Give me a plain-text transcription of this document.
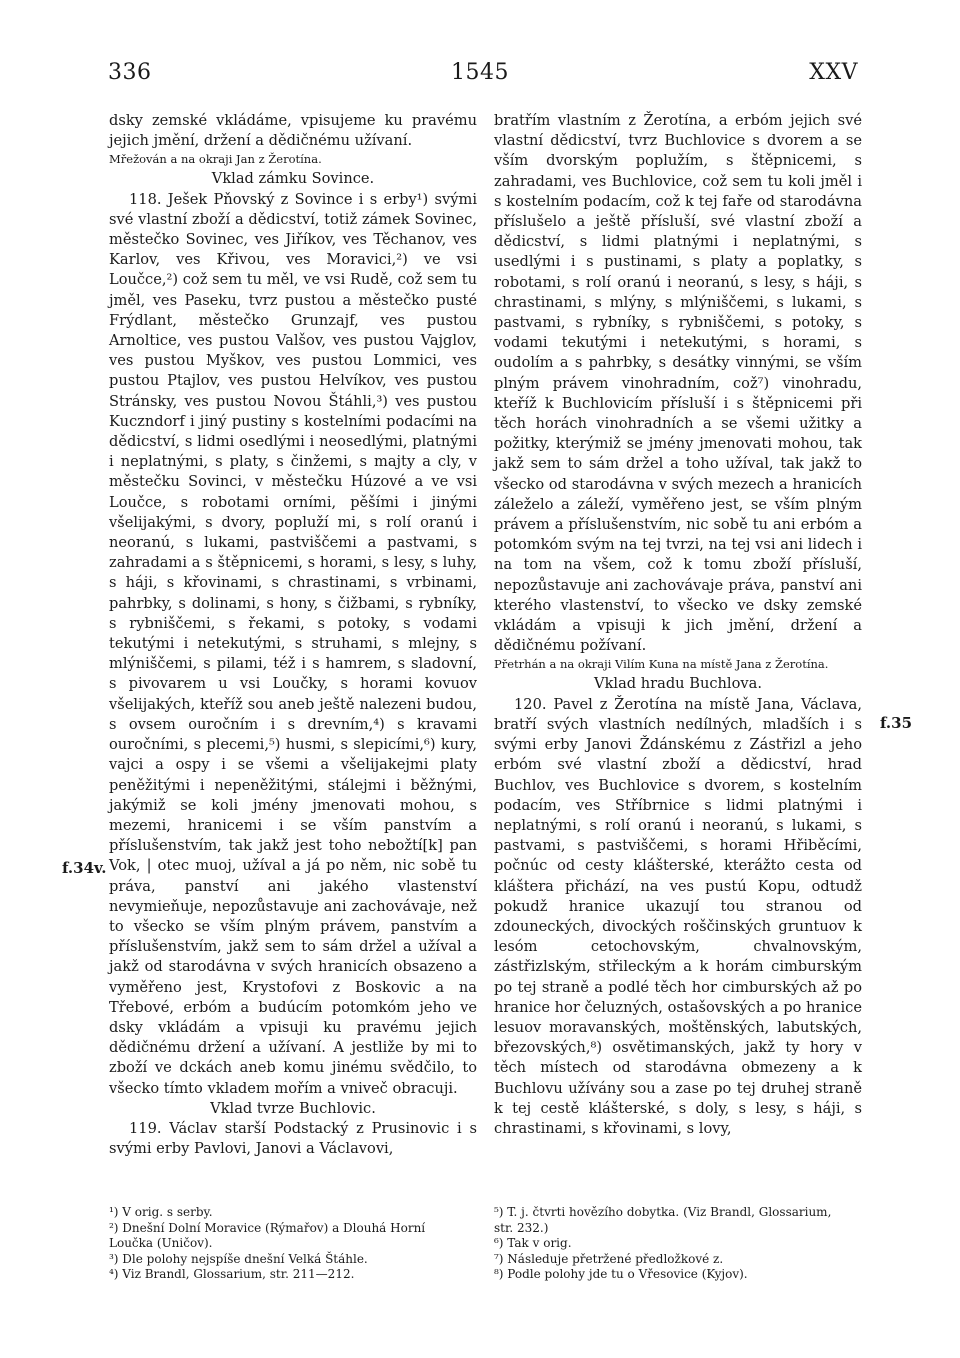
336	1545	XXV

dsky zemské vkládáme, vpisujeme ku pravému jejich jmění, držení a dědičnému užívaní.

Mřežován a na okraji Jan z Žerotína.

Vklad zámku Sovince.

118. Ješek Pňovský z Sovince i s erby¹) svými své vlastní zboží a dědicství, totiž zámek Sovinec, městečko Sovinec, ves Jiříkov, ves Těchanov, ves Karlov, ves Křivou, ves Moravici,²) ve vsi Loučce,²) což sem tu měl, ve vsi Rudě, což sem tu jměl, ves Paseku, tvrz pustou a městečko pusté Frýdlant, městečko Grunzajf, ves pustou Arnoltice, ves pustou Valšov, ves pustou Vajglov, ves pustou Myškov, ves pustou Lommici, ves pustou Ptajlov, ves pustou Helvíkov, ves pustou Stránsky, ves pustou Novou Štáhli,³) ves pustou Kuczndorf i jiný pustiny s kostelními podacími na dědicství, s lidmi osedlými i neosedlými, platnými i neplatnými, s platy, s činžemi, s majty a cly, v městečku Sovinci, v městečku Húzové a ve vsi Loučce, s robotami orními, pěšími i jinými všelijakými, s dvory, popluží mi, s rolí oranú i neoranú, s lukami, pastviščemi a pastvami, s zahradami a s štěpnicemi, s horami, s lesy, s luhy, s háji, s křovinami, s chrastinami, s vrbinami, pahrbky, s dolinami, s hony, s čižbami, s rybníky, s rybniščemi, s řekami, s potoky, s vodami tekutými i netekutými, s struhami, s mlejny, s mlýniščemi, s pilami, též i s hamrem, s sladovní, s pivovarem u vsi Loučky, s horami kovuov všelijakých, kteříž sou aneb ještě nalezeni budou, s ovsem ouročním i s drevním,⁴) s kravami ouročními, s plecemi,⁵) husmi, s slepicími,⁶) kury, vajci a ospy i se všemi a všelijakejmi platy peněžitými i nepeněžitými, stálejmi i běžnými, jakýmiž se koli jmény jmenovati mohou, s mezemi, hranicemi i se vším panstvím a příslušenstvím, tak jakž jest toho nebožtí[k] pan Vok, | otec muoj, užíval a já po něm, nic sobě tu práva, panství ani jakého vlastenství nevymieňuje, nepozůstavuje ani zachovávaje, než to všecko se vším plným právem, panstvím a příslušenstvím, jakž sem to sám držel a užíval a jakž od starodávna v svých hranicích obsazeno a vyměřeno jest, Krystofovi z Boskovic a na Třebové, erbóm a budúcím potomkóm jeho ve dsky vkládám a vpisuji ku pravému jejich dědičnému držení a užívaní. A jestliže by mi to zboží ve dckách aneb komu jinému svědčilo, to všecko tímto vkladem mořím a vniveč obracuji.

Vklad tvrze Buchlovic.

119. Václav starší Podstacký z Prusinovic i s svými erby Pavlovi, Janovi a Václavovi,

bratřím vlastním z Žerotína, a erbóm jejich své vlastní dědicství, tvrz Buchlovice s dvorem a se vším dvorským poplužím, s štěpnicemi, s zahradami, ves Buchlovice, což sem tu koli jměl i s kostelním podacím, což k tej faře od starodávna příslušelo a ještě přísluší, své vlastní zboží a dědicství, s lidmi platnými i neplatnými, s usedlými i s pustinami, s platy a poplatky, s robotami, s rolí oranú i neoranú, s lesy, s háji, s chrastinami, s mlýny, s mlýniščemi, s lukami, s pastvami, s rybníky, s rybniščemi, s potoky, s vodami tekutými i netekutými, s horami, s oudolím a s pahrbky, s desátky vinnými, se vším plným právem vinohradním, což⁷) vinohradu, kteříž k Buchlovicím přísluší i s štěpnicemi při těch horách vinohradních a se všemi užitky a požitky, kterýmiž se jmény jmenovati mohou, tak jakž sem to sám držel a toho užíval, tak jakž to všecko od starodávna v svých mezech a hranicích záleželo a záleží, vyměřeno jest, se vším plným právem a příslušenstvím, nic sobě tu ani erbóm a potomkóm svým na tej tvrzi, na tej vsi ani lidech i na tom na všem, což k tomu zboží přísluší, nepozůstavuje ani zachovávaje práva, panství ani kterého vlastenství, to všecko ve dsky zemské vkládám a vpisuji k jich jmění, držení a dědičnému požívaní.

Přetrhán a na okraji Vilím Kuna na místě Jana z Žerotína.

Vklad hradu Buchlova.

120. Pavel z Žerotína na místě Jana, Václava, bratří svých vlastních nedílných, mladších i s svými erby Janovi Ždánskému z Zástřizl a jeho erbóm své vlastní zboží a dědicství, hrad Buchlov, ves Buchlovice s dvorem, s kostelním podacím, ves Stříbrnice s lidmi platnými i neplatnými, s rolí oranú i neoranú, s lukami, s pastvami, s pastviščemi, s horami Hřiběcími, počnúc od cesty klášterské, kterážto cesta od kláštera přichází, na ves pustú Kopu, odtudž pokudž hranice ukazují tou stranou od zdouneckých, divockých roščinských gruntuov k lesóm cetochovským, chvalnovským, zástřizlským, střileckým a k horám cimburským po tej straně a podlé těch hor cimburských až po hranice hor čeluzných, ostašovských a po hranice lesuov moravanských, moštěnských, labutských, březovských,⁸) osvětimanských, jakž ty hory v těch místech od starodávna obmezeny a k Buchlovu užívány sou a zase po tej druhej straně k tej cestě klášterské, s doly, s lesy, s háji, s chrastinami, s křovinami, s lovy,

f.34v.
f.35
¹) V orig. s serby.
²) Dnešní Dolní Moravice (Rýmařov) a Dlouhá Horní Loučka (Uničov).
³) Dle polohy nejspíše dnešní Velká Štáhle.
⁴) Viz Brandl, Glossarium, str. 211—212.
⁵) T. j. čtvrti hovězího dobytka. (Viz Brandl, Glossarium, str. 232.)
⁶) Tak v orig.
⁷) Následuje přetržené předložkové z.
⁸) Podle polohy jde tu o Vřesovice (Kyjov).
